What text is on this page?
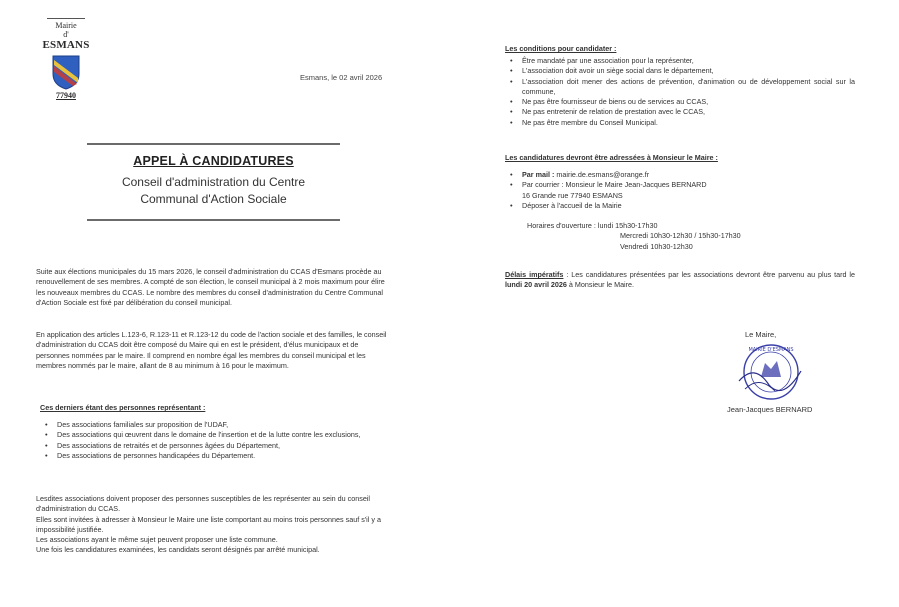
Mairie
d'
ESMANS
77940
Esmans, le 02 avril 2026
APPEL À CANDIDATURES
Conseil d'administration du Centre
Communal d'Action Sociale
Suite aux élections municipales du 15 mars 2026, le conseil d'administration du CCAS d'Esmans procède au renouvellement de ses membres. A compté de son élection, le conseil municipal à 2 mois maximum pour élire les nouveaux membres du CCAS. Le nombre des membres du conseil d'administration du Centre Communal d'Action Sociale est fixé par délibération du conseil municipal.
En application des articles L.123-6, R.123-11 et R.123-12 du code de l'action sociale et des familles, le conseil d'administration du CCAS doit être composé du Maire qui en est le président, d'élus municipaux et de personnes nommées par le maire. Il comprend en nombre égal les membres du conseil municipal et les membres nommés par le maire, allant de 8 au minimum à 16 pour le maximum.
Ces derniers étant des personnes représentant :
• Des associations familiales sur proposition de l'UDAF,
• Des associations qui œuvrent dans le domaine de l'insertion et de la lutte contre les exclusions,
• Des associations de retraités et de personnes âgées du Département,
• Des associations de personnes handicapées du Département.
Lesdites associations doivent proposer des personnes susceptibles de les représenter au sein du conseil d'administration du CCAS.
Elles sont invitées à adresser à Monsieur le Maire une liste comportant au moins trois personnes sauf s'il y a impossibilité justifiée.
Les associations ayant le même sujet peuvent proposer une liste commune.
Une fois les candidatures examinées, les candidats seront désignés par arrêté municipal.
Les conditions pour candidater :
• Être mandaté par une association pour la représenter,
• L'association doit avoir un siège social dans le département,
• L'association doit mener des actions de prévention, d'animation ou de développement social sur la commune,
• Ne pas être fournisseur de biens ou de services au CCAS,
• Ne pas entretenir de relation de prestation avec le CCAS,
• Ne pas être membre du Conseil Municipal.
Les candidatures devront être adressées à Monsieur le Maire :
• Par mail : mairie.de.esmans@orange.fr
• Par courrier : Monsieur le Maire Jean-Jacques BERNARD
16 Grande rue 77940 ESMANS
• Déposer à l'accueil de la Mairie
Horaires d'ouverture : lundi 15h30-17h30
Mercredi 10h30-12h30 / 15h30-17h30
Vendredi 10h30-12h30
Délais impératifs : Les candidatures présentées par les associations devront être parvenu au plus tard le lundi 20 avril 2026 à Monsieur le Maire.
Le Maire,
MAIRIE D'ESMANS
Jean-Jacques BERNARD
